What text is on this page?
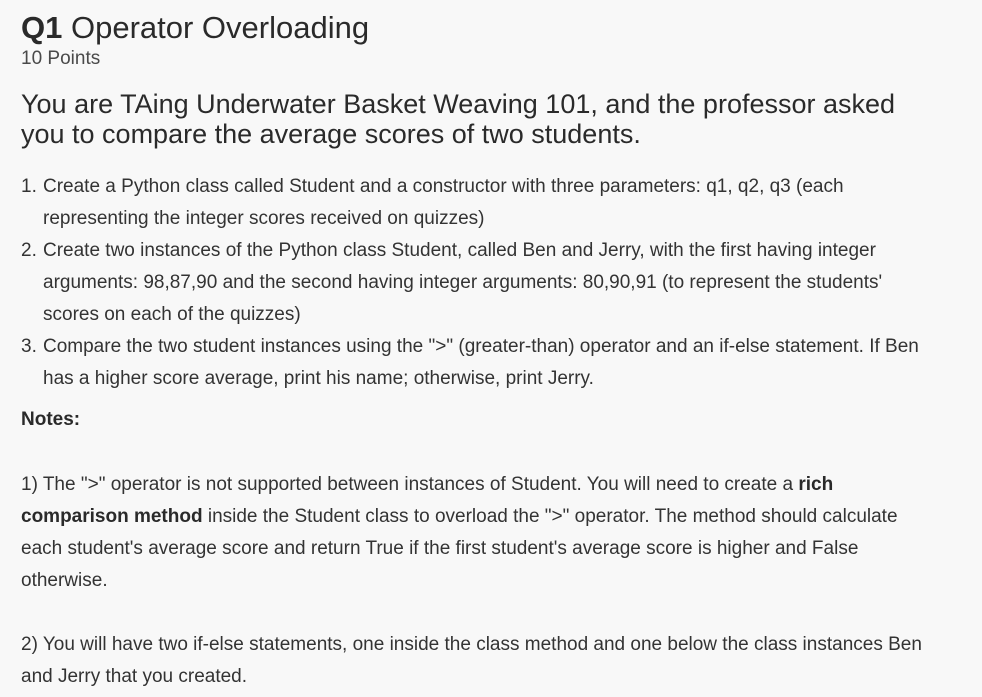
Q1 Operator Overloading
10 Points
You are TAing Underwater Basket Weaving 101, and the professor asked you to compare the average scores of two students.
1. Create a Python class called Student and a constructor with three parameters: q1, q2, q3 (each representing the integer scores received on quizzes)
2. Create two instances of the Python class Student, called Ben and Jerry, with the first having integer arguments: 98,87,90 and the second having integer arguments: 80,90,91 (to represent the students' scores on each of the quizzes)
3. Compare the two student instances using the ">" (greater-than) operator and an if-else statement. If Ben has a higher score average, print his name; otherwise, print Jerry.
Notes:
1) The ">" operator is not supported between instances of Student. You will need to create a rich comparison method inside the Student class to overload the ">" operator. The method should calculate each student's average score and return True if the first student's average score is higher and False otherwise.
2) You will have two if-else statements, one inside the class method and one below the class instances Ben and Jerry that you created.
